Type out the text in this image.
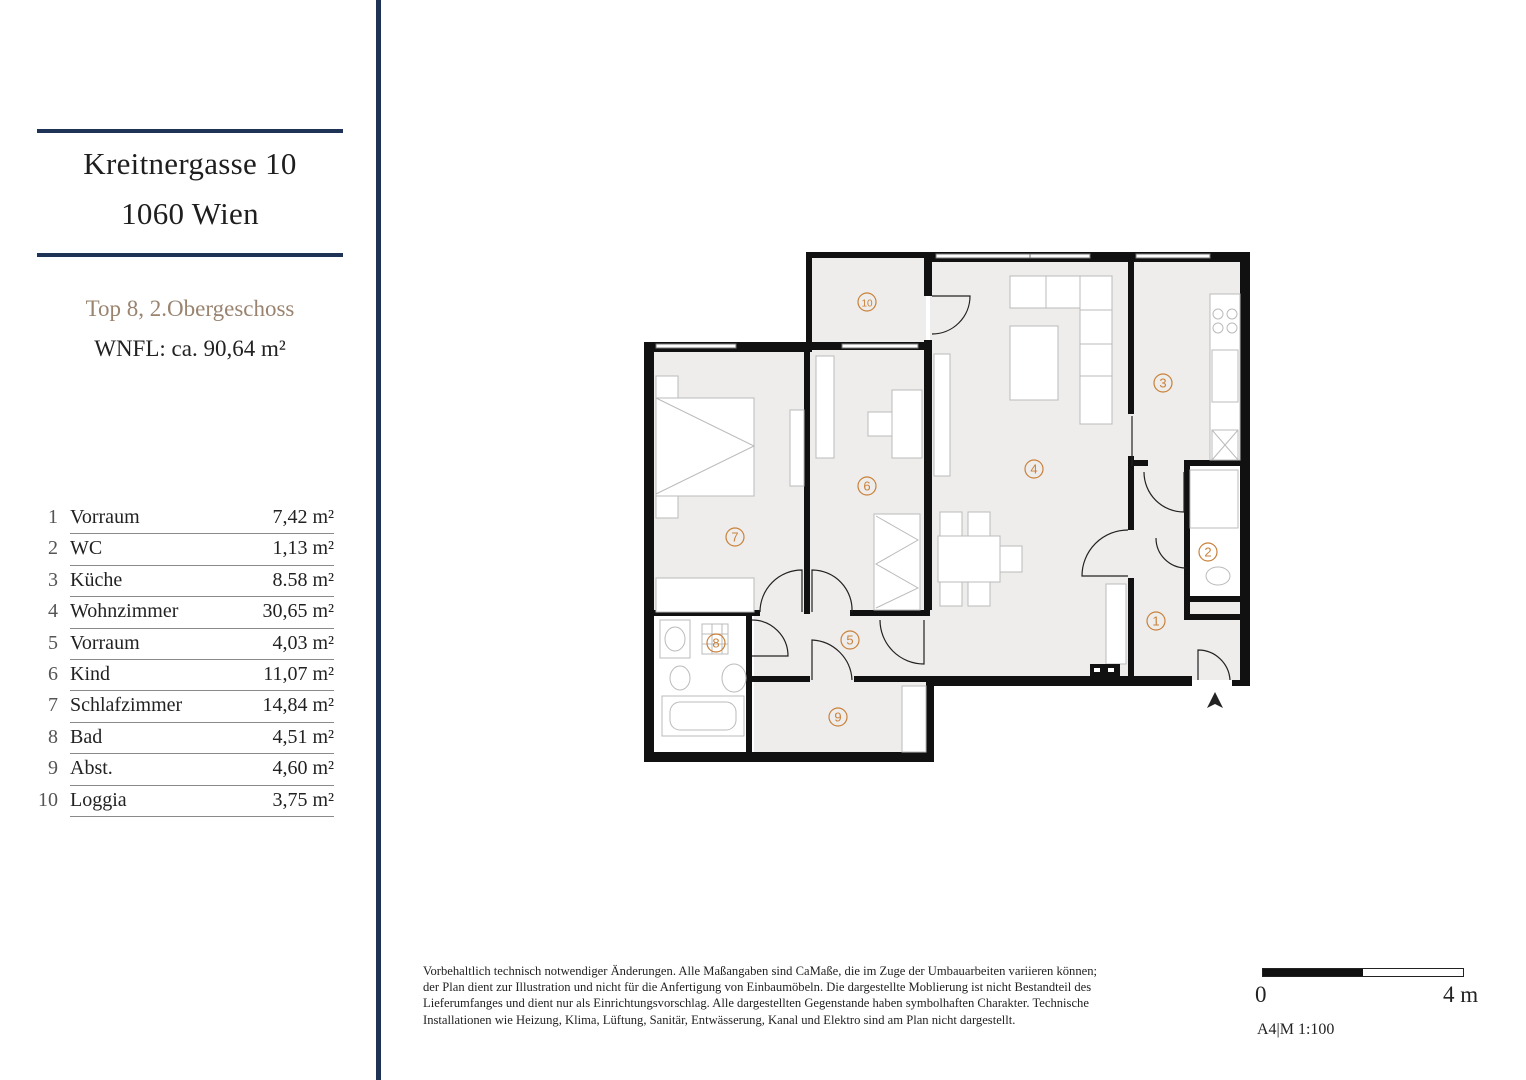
Kreitnergasse 10
1060 Wien
Top 8, 2.Obergeschoss
WNFL: ca. 90,64 m²
1 Vorraum	7,42 m²
2 WC	1,13 m²
3 Küche	8.58 m²
4 Wohnzimmer	30,65 m²
5 Vorraum	4,03 m²
6 Kind	11,07 m²
7 Schlafzimmer	14,84 m²
8 Bad	4,51 m²
9 Abst.	4,60 m²
10 Loggia	3,75 m²
1
2
3
4
5
6
7
8
9
10
Vorbehaltlich technisch notwendiger Änderungen. Alle Maßangaben sind CaMaße, die im Zuge der Umbauarbeiten variieren können;
der Plan dient zur Illustration und nicht für die Anfertigung von Einbaumöbeln. Die dargestellte Moblierung ist nicht Bestandteil des
Lieferumfanges und dient nur als Einrichtungsvorschlag. Alle dargestellten Gegenstande haben symbolhaften Charakter. Technische
Installationen wie Heizung, Klima, Lüftung, Sanitär, Entwässerung, Kanal und Elektro sind am Plan nicht dargestellt.
0	4 m
A4|M 1:100
